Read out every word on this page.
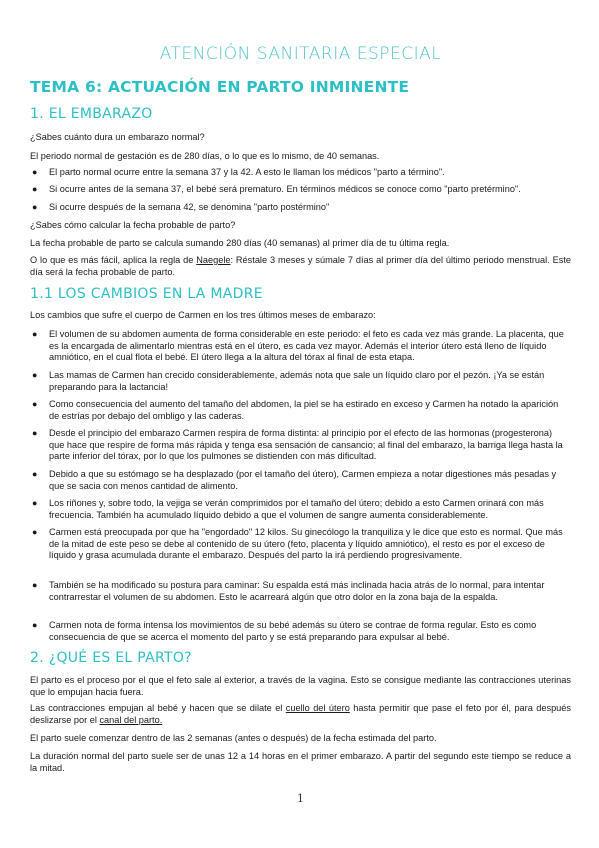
ATENCIÓN SANITARIA ESPECIAL
TEMA 6: ACTUACIÓN EN PARTO INMINENTE
1. EL EMBARAZO
¿Sabes cuánto dura un embarazo normal?
El periodo normal de gestación es de 280 días, o lo que es lo mismo, de 40 semanas.
● El parto normal ocurre entre la semana 37 y la 42. A esto le llaman los médicos "parto a término".
● Si ocurre antes de la semana 37, el bebé será prematuro. En términos médicos se conoce como "parto pretérmino".
● Si ocurre después de la semana 42, se denomina "parto postérmino"
¿Sabes cómo calcular la fecha probable de parto?
La fecha probable de parto se calcula sumando 280 días (40 semanas) al primer día de tu última regla.
O lo que es más fácil, aplica la regla de Naegele: Réstale 3 meses y súmale 7 días al primer día del último periodo menstrual. Este día será la fecha probable de parto.
1.1 LOS CAMBIOS EN LA MADRE
Los cambios que sufre el cuerpo de Carmen en los tres últimos meses de embarazo:
● El volumen de su abdomen aumenta de forma considerable en este periodo: el feto es cada vez más grande. La placenta, que es la encargada de alimentarlo mientras está en el útero, es cada vez mayor. Además el interior útero está lleno de líquido amniótico, en el cual flota el bebé. El útero llega a la altura del tórax al final de esta etapa.
● Las mamas de Carmen han crecido considerablemente, además nota que sale un líquido claro por el pezón. ¡Ya se están preparando para la lactancia!
● Como consecuencia del aumento del tamaño del abdomen, la piel se ha estirado en exceso y Carmen ha notado la aparición de estrías por debajo del ombligo y las caderas.
● Desde el principio del embarazo Carmen respira de forma distinta: al principio por el efecto de las hormonas (progesterona) que hace que respire de forma más rápida y tenga esa sensación de cansancio; al final del embarazo, la barriga llega hasta la parte inferior del tórax, por lo que los pulmones se distienden con más dificultad.
● Debido a que su estómago se ha desplazado (por el tamaño del útero), Carmen empieza a notar digestiones más pesadas y que se sacia con menos cantidad de alimento.
● Los riñones y, sobre todo, la vejiga se verán comprimidos por el tamaño del útero; debido a esto Carmen orinará con más frecuencia. También ha acumulado líquido debido a que el volumen de sangre aumenta considerablemente.
● Carmen está preocupada por que ha "engordado" 12 kilos. Su ginecólogo la tranquiliza y le dice que esto es normal. Que más de la mitad de este peso se debe al contenido de su útero (feto, placenta y líquido amniótico), el resto es por el exceso de líquido y grasa acumulada durante el embarazo. Después del parto la irá perdiendo progresivamente.
● También se ha modificado su postura para caminar: Su espalda está más inclinada hacia atrás de lo normal, para intentar contrarrestar el volumen de su abdomen. Esto le acarreará algún que otro dolor en la zona baja de la espalda.
● Carmen nota de forma intensa los movimientos de su bebé además su útero se contrae de forma regular. Esto es como consecuencia de que se acerca el momento del parto y se está preparando para expulsar al bebé.
2. ¿QUÉ ES EL PARTO?
El parto es el proceso por el que el feto sale al exterior, a través de la vagina. Esto se consigue mediante las contracciones uterinas que lo empujan hacia fuera.
Las contracciones empujan al bebé y hacen que se dilate el cuello del útero hasta permitir que pase el feto por él, para después deslizarse por el canal del parto.
El parto suele comenzar dentro de las 2 semanas (antes o después) de la fecha estimada del parto.
La duración normal del parto suele ser de unas 12 a 14 horas en el primer embarazo. A partir del segundo este tiempo se reduce a la mitad.
1
